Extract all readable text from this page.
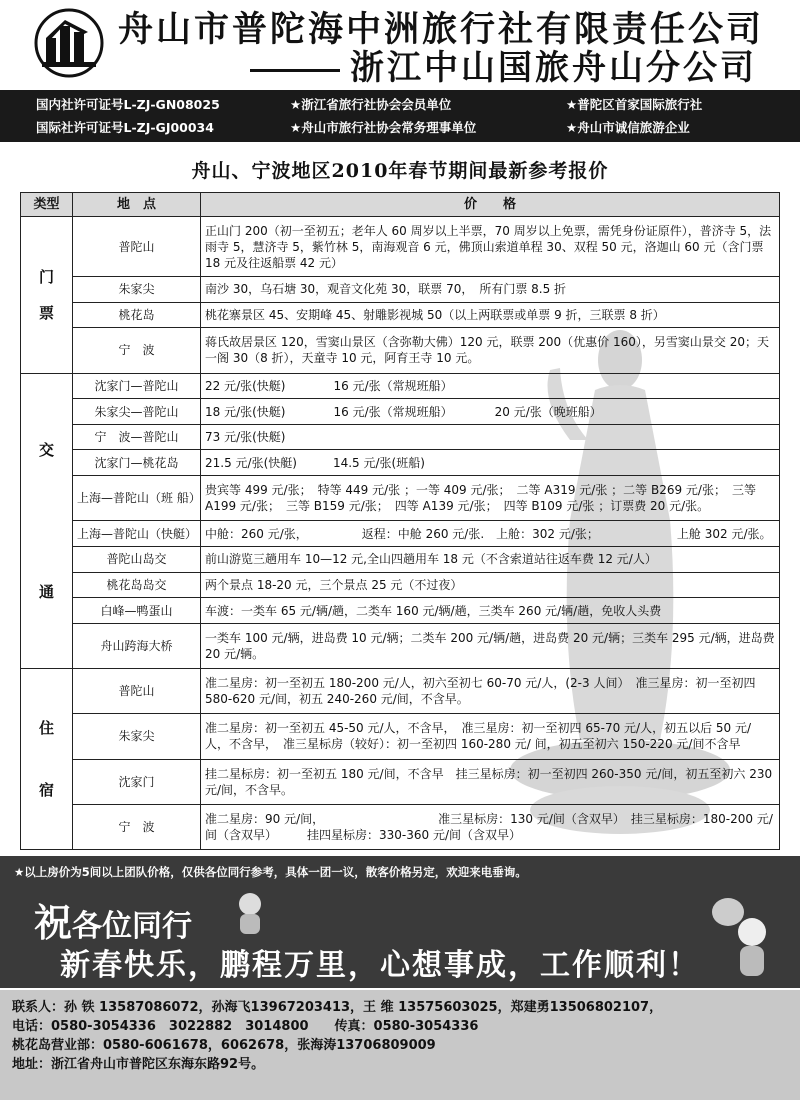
舟山市普陀海中洲旅行社有限责任公司
浙江中山国旅舟山分公司
国内社许可证号L-ZJ-GN08025	★浙江省旅行社协会会员单位	★普陀区首家国际旅行社
国际社许可证号L-ZJ-GJ00034	★舟山市旅行社协会常务理事单位	★舟山市诚信旅游企业
舟山、宁波地区2010年春节期间最新参考报价
类型	地　点	价　　格

门
票	普陀山	正山门 200（初一至初五；老年人 60 周岁以上半票，70 周岁以上免票，需凭身份证原件），普济寺 5，法雨寺 5，慧济寺 5，紫竹林 5，南海观音 6 元，佛顶山索道单程 30、双程 50 元，洛迦山 60 元（含门票 18 元及往返船票 42 元）
	朱家尖	南沙 30，乌石塘 30，观音文化苑 30，联票 70，　所有门票 8.5 折
	桃花岛	桃花寨景区 45、安期峰 45、射雕影视城 50（以上两联票或单票 9 折，三联票 8 折）
	宁　波	蒋氏故居景区 120，雪窦山景区（含弥勒大佛）120 元，联票 200（优惠价 160），另雪窦山景交 20；天一阁 30（8 折），天童寺 10 元，阿育王寺 10 元。

交
通	沈家门—普陀山	22 元/张(快艇)　　　　16 元/张（常规班船）
	朱家尖—普陀山	18 元/张(快艇)　　　　16 元/张（常规班船）　　　　20 元/张（晚班船）
	宁　波—普陀山	73 元/张(快艇)
	沈家门—桃花岛	21.5 元/张(快艇)　　　14.5 元/张(班船)
	上海—普陀山（班 船）	贵宾等 499 元/张；　特等 449 元/张 ；一等 409 元/张；　二等 A319 元/张 ；二等 B269 元/张；　三等 A199 元/张；　三等 B159 元/张；　四等 A139 元/张；　四等 B109 元/张 ；订票费 20 元/张。
	上海—普陀山（快艇）	中舱：260 元/张，　　　　　返程：中舱 260 元/张.　上舱：302 元/张；　　　　　　　上舱 302 元/张。
	普陀山岛交	前山游览三趟用车 10—12 元,全山四趟用车 18 元（不含索道站往返车费 12 元/人）
	桃花岛岛交	两个景点 18-20 元，三个景点 25 元（不过夜）
	白峰—鸭蛋山	车渡：一类车 65 元/辆/趟，二类车 160 元/辆/趟，三类车 260 元/辆/趟，免收人头费
	舟山跨海大桥	一类车 100 元/辆，进岛费 10 元/辆；二类车 200 元/辆/趟，进岛费 20 元/辆；三类车 295 元/辆，进岛费 20 元/辆。

住
宿	普陀山	准二星房：初一至初五 180-200 元/人，初六至初七 60-70 元/人，(2-3 人间）　准三星房：初一至初四 580-620 元/间，初五 240-260 元/间，不含早。
	朱家尖	准二星房：初一至初五 45-50 元/人，不含早，　准三星房：初一至初四 65-70 元/人，初五以后 50 元/人，不含早，　准三星标房（较好）：初一至初四 160-280 元/ 间，初五至初六 150-220 元/间不含早
	沈家门	挂二星标房：初一至初五 180 元/间，不含早　挂三星标房：初一至初四 260-350 元/间，初五至初六 230 元/间，不含早。
	宁　波	准二星房：90 元/间，　　　　　　　　　　准三星标房：130 元/间（含双早）　挂三星标房：180-200 元/间（含双早）　　　挂四星标房：330-360 元/间（含双早）
★以上房价为5间以上团队价格，仅供各位同行参考，具体一团一议，散客价格另定，欢迎来电垂询。
祝各位同行
新春快乐，鹏程万里，心想事成，工作顺利！
联系人：孙 铁 13587086072，孙海飞13967203413，王 维 13575603025，郑建勇13506802107，
电话：0580-3054336　3022882　3014800　　传真：0580-3054336
桃花岛营业部：0580-6061678，6062678，张海涛13706809009
地址：浙江省舟山市普陀区东海东路92号。
